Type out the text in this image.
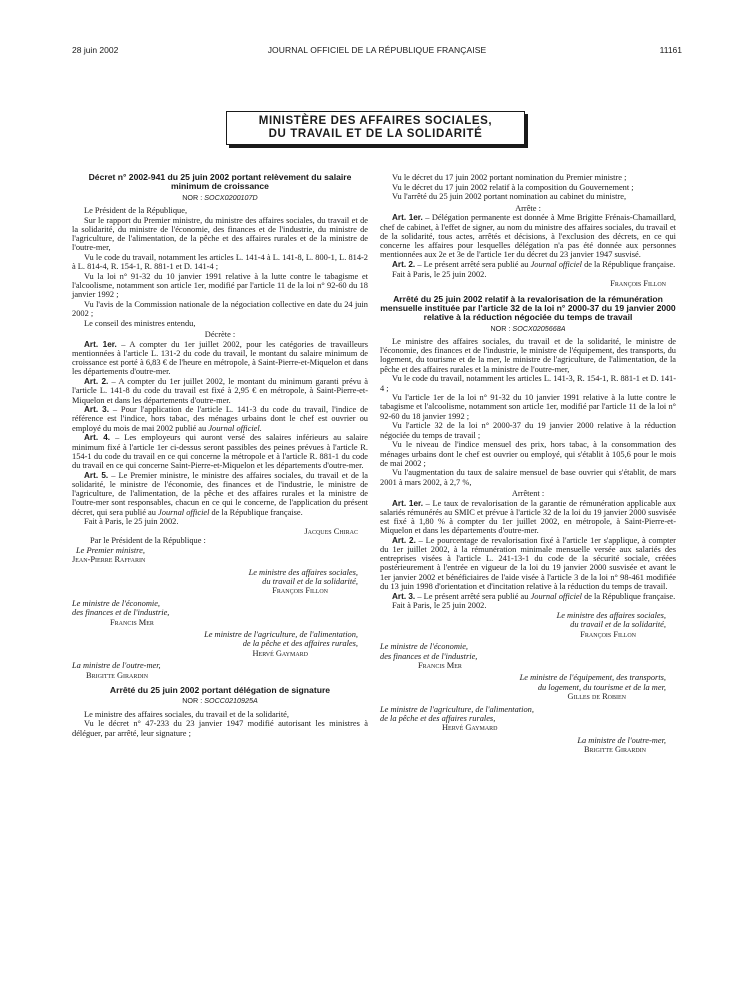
28 juin 2002	JOURNAL OFFICIEL DE LA RÉPUBLIQUE FRANÇAISE	11161
MINISTÈRE DES AFFAIRES SOCIALES,
DU TRAVAIL ET DE LA SOLIDARITÉ
Décret n° 2002-941 du 25 juin 2002 portant relèvement du salaire minimum de croissance
NOR : SOCX0200107D

Le Président de la République,

Sur le rapport du Premier ministre, du ministre des affaires sociales, du travail et de la solidarité, du ministre de l'économie, des finances et de l'industrie, du ministre de l'agriculture, de l'alimentation, de la pêche et des affaires rurales et de la ministre de l'outre-mer,

Vu le code du travail, notamment les articles L. 141-4 à L. 141-8, L. 800-1, L. 814-2 à L. 814-4, R. 154-1, R. 881-1 et D. 141-4 ;

Vu la loi n° 91-32 du 10 janvier 1991 relative à la lutte contre le tabagisme et l'alcoolisme, notamment son article 1er, modifié par l'article 11 de la loi n° 92-60 du 18 janvier 1992 ;

Vu l'avis de la Commission nationale de la négociation collective en date du 24 juin 2002 ;

Le conseil des ministres entendu,

Décrète :

Art. 1er. – A compter du 1er juillet 2002, pour les catégories de travailleurs mentionnées à l'article L. 131-2 du code du travail, le montant du salaire minimum de croissance est porté à 6,83 € de l'heure en métropole, à Saint-Pierre-et-Miquelon et dans les départements d'outre-mer.

Art. 2. – A compter du 1er juillet 2002, le montant du minimum garanti prévu à l'article L. 141-8 du code du travail est fixé à 2,95 € en métropole, à Saint-Pierre-et-Miquelon et dans les départements d'outre-mer.

Art. 3. – Pour l'application de l'article L. 141-3 du code du travail, l'indice de référence est l'indice, hors tabac, des ménages urbains dont le chef est ouvrier ou employé du mois de mai 2002 publié au Journal officiel.

Art. 4. – Les employeurs qui auront versé des salaires inférieurs au salaire minimum fixé à l'article 1er ci-dessus seront passibles des peines prévues à l'article R. 154-1 du code du travail en ce qui concerne la métropole et à l'article R. 881-1 du code du travail en ce qui concerne Saint-Pierre-et-Miquelon et les départements d'outre-mer.

Art. 5. – Le Premier ministre, le ministre des affaires sociales, du travail et de la solidarité, le ministre de l'économie, des finances et de l'industrie, le ministre de l'agriculture, de l'alimentation, de la pêche et des affaires rurales et la ministre de l'outre-mer sont responsables, chacun en ce qui le concerne, de l'application du présent décret, qui sera publié au Journal officiel de la République française.

Fait à Paris, le 25 juin 2002.

Jacques Chirac
Par le Président de la République :
Le Premier ministre,
Jean-Pierre Raffarin
Le ministre des affaires sociales,
du travail et de la solidarité,
François Fillon
Le ministre de l'économie,
des finances et de l'industrie,
Francis Mer
Le ministre de l'agriculture, de l'alimentation,
de la pêche et des affaires rurales,
Hervé Gaymard
La ministre de l'outre-mer,
Brigitte Girardin
Arrêté du 25 juin 2002 portant délégation de signature
NOR : SOCC0210925A

Le ministre des affaires sociales, du travail et de la solidarité,

Vu le décret n° 47-233 du 23 janvier 1947 modifié autorisant les ministres à déléguer, par arrêté, leur signature ;

Vu le décret du 17 juin 2002 portant nomination du Premier ministre ;

Vu le décret du 17 juin 2002 relatif à la composition du Gouvernement ;

Vu l'arrêté du 25 juin 2002 portant nomination au cabinet du ministre,

Arrête :

Art. 1er. – Délégation permanente est donnée à Mme Brigitte Frénais-Chamaillard, chef de cabinet, à l'effet de signer, au nom du ministre des affaires sociales, du travail et de la solidarité, tous actes, arrêtés et décisions, à l'exclusion des décrets, en ce qui concerne les affaires pour lesquelles délégation n'a pas été donnée aux personnes mentionnées aux 2e et 3e de l'article 1er du décret du 23 janvier 1947 susvisé.

Art. 2. – Le présent arrêté sera publié au Journal officiel de la République française.

Fait à Paris, le 25 juin 2002.

François Fillon
Arrêté du 25 juin 2002 relatif à la revalorisation de la rémunération mensuelle instituée par l'article 32 de la loi n° 2000-37 du 19 janvier 2000 relative à la réduction négociée du temps de travail
NOR : SOCX0205668A

Le ministre des affaires sociales, du travail et de la solidarité, le ministre de l'économie, des finances et de l'industrie, le ministre de l'équipement, des transports, du logement, du tourisme et de la mer, le ministre de l'agriculture, de l'alimentation, de la pêche et des affaires rurales et la ministre de l'outre-mer,

Vu le code du travail, notamment les articles L. 141-3, R. 154-1, R. 881-1 et D. 141-4 ;

Vu l'article 1er de la loi n° 91-32 du 10 janvier 1991 relative à la lutte contre le tabagisme et l'alcoolisme, notamment son article 1er, modifié par l'article 11 de la loi n° 92-60 du 18 janvier 1992 ;

Vu l'article 32 de la loi n° 2000-37 du 19 janvier 2000 relative à la réduction négociée du temps de travail ;

Vu le niveau de l'indice mensuel des prix, hors tabac, à la consommation des ménages urbains dont le chef est ouvrier ou employé, qui s'établit à 105,6 pour le mois de mai 2002 ;

Vu l'augmentation du taux de salaire mensuel de base ouvrier qui s'établit, de mars 2001 à mars 2002, à 2,7 %,

Arrêtent :

Art. 1er. – Le taux de revalorisation de la garantie de rémunération applicable aux salariés rémunérés au SMIC et prévue à l'article 32 de la loi du 19 janvier 2000 susvisée est fixé à 1,80 % à compter du 1er juillet 2002, en métropole, à Saint-Pierre-et-Miquelon et dans les départements d'outre-mer.

Art. 2. – Le pourcentage de revalorisation fixé à l'article 1er s'applique, à compter du 1er juillet 2002, à la rémunération minimale mensuelle versée aux salariés des entreprises visées à l'article L. 241-13-1 du code de la sécurité sociale, créées postérieurement à l'entrée en vigueur de la loi du 19 janvier 2000 susvisée et avant le 1er janvier 2002 et bénéficiaires de l'aide visée à l'article 3 de la loi n° 98-461 modifiée du 13 juin 1998 d'orientation et d'incitation relative à la réduction du temps de travail.

Art. 3. – Le présent arrêté sera publié au Journal officiel de la République française.

Fait à Paris, le 25 juin 2002.

Le ministre des affaires sociales,
du travail et de la solidarité,
François Fillon
Le ministre de l'économie,
des finances et de l'industrie,
Francis Mer
Le ministre de l'équipement, des transports,
du logement, du tourisme et de la mer,
Gilles de Robien
Le ministre de l'agriculture, de l'alimentation,
de la pêche et des affaires rurales,
Hervé Gaymard
La ministre de l'outre-mer,
Brigitte Girardin
